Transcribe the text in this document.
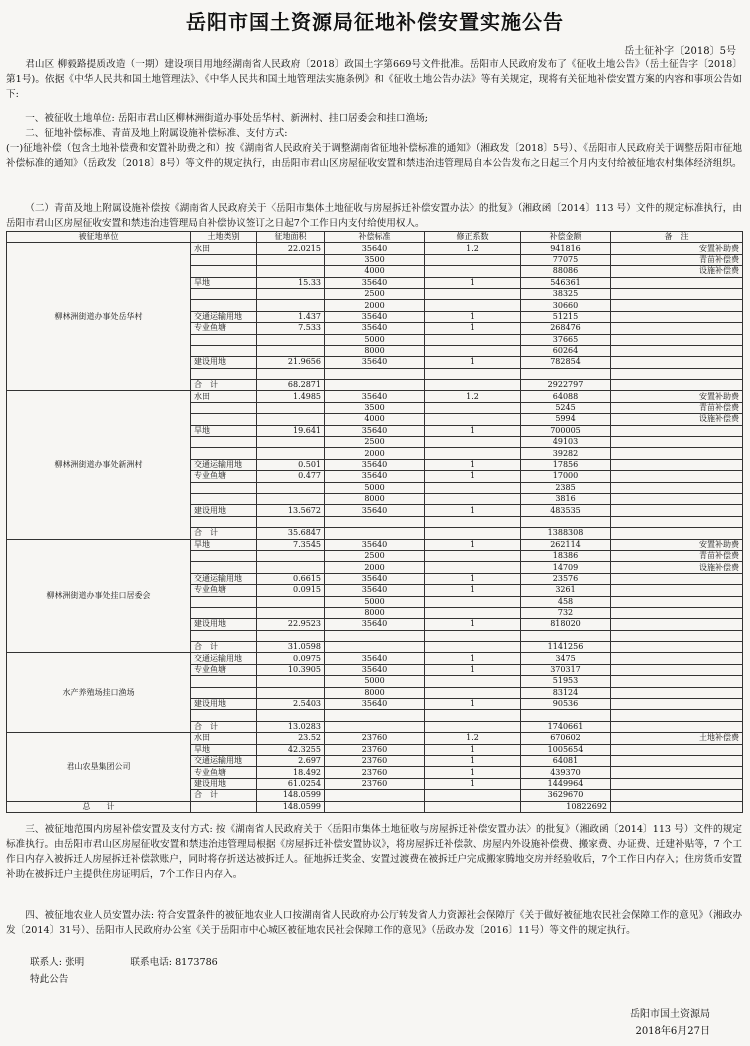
岳阳市国土资源局征地补偿安置实施公告
岳土征补字〔2018〕5号

君山区 柳毅路提质改造（一期）建设项目用地经湖南省人民政府〔2018〕政国土字第669号文件批准。岳阳市人民政府发布了《征收土地公告》（岳土征告字〔2018〕第1号)。依据《中华人民共和国土地管理法》、《中华人民共和国土地管理法实施条例》和《征收土地公告办法》等有关规定，现将有关征地补偿安置方案的内容和事项公告如下:

一、被征收土地单位: 岳阳市君山区柳林洲街道办事处岳华村、新洲村、挂口居委会和挂口渔场;

二、征地补偿标准、青苗及地上附属设施补偿标准、支付方式:

(一)征地补偿（包含土地补偿费和安置补助费之和）按《湖南省人民政府关于调整湖南省征地补偿标准的通知》（湘政发〔2018〕5号）、《岳阳市人民政府关于调整岳阳市征地补偿标准的通知》（岳政发〔2018〕8号）等文件的规定执行，由岳阳市君山区房屋征收安置和禁违治违管理局自本公告发布之日起三个月内支付给被征地农村集体经济组织。

（二）青苗及地上附属设施补偿按《湖南省人民政府关于〈岳阳市集体土地征收与房屋拆迁补偿安置办法〉的批复》（湘政函〔2014〕113 号）文件的规定标准执行，由岳阳市君山区房屋征收安置和禁违治违管理局自补偿协议签订之日起7个工作日内支付给使用权人。

被征地单位	土地类别	征地面积	补偿标准	修正系数	补偿金额	备　注
柳林洲街道办事处岳华村	水田	22.0215	35640	1.2	941816	安置补助费
			3500		77075	青苗补偿费
			4000		88086	设施补偿费
	旱地	15.33	35640	1	546361	
			2500		38325	
			2000		30660	
	交通运输用地	1.437	35640	1	51215	
	专业鱼塘	7.533	35640	1	268476	
			5000		37665	
			8000		60264	
	建设用地	21.9656	35640	1	782854	

	合　计	68.2871			2922797	
柳林洲街道办事处新洲村	水田	1.4985	35640	1.2	64088	安置补助费
			3500		5245	青苗补偿费
			4000		5994	设施补偿费
	旱地	19.641	35640	1	700005	
			2500		49103	
			2000		39282	
	交通运输用地	0.501	35640	1	17856	
	专业鱼塘	0.477	35640	1	17000	
			5000		2385	
			8000		3816	
	建设用地	13.5672	35640	1	483535	

	合　计	35.6847			1388308	
柳林洲街道办事处挂口居委会	旱地	7.3545	35640	1	262114	安置补助费
			2500		18386	青苗补偿费
			2000		14709	设施补偿费
	交通运输用地	0.6615	35640	1	23576	
	专业鱼塘	0.0915	35640	1	3261	
			5000		458	
			8000		732	
	建设用地	22.9523	35640	1	818020	

	合　计	31.0598			1141256	
水产养殖场挂口渔场	交通运输用地	0.0975	35640	1	3475	
	专业鱼塘	10.3905	35640	1	370317	
			5000		51953	
			8000		83124	
	建设用地	2.5403	35640	1	90536	

	合　计	13.0283			1740661	
君山农垦集团公司	水田	23.52	23760	1.2	670602	土地补偿费
	旱地	42.3255	23760	1	1005654	
	交通运输用地	2.697	23760	1	64081	
	专业鱼塘	18.492	23760	1	439370	
	建设用地	61.0254	23760	1	1449964	
	合　计	148.0599			3629670	
总　　计		148.0599			10822692	

三、被征地范围内房屋补偿安置及支付方式: 按《湖南省人民政府关于〈岳阳市集体土地征收与房屋拆迁补偿安置办法〉的批复》（湘政函〔2014〕113 号）文件的规定标准执行。由岳阳市君山区房屋征收安置和禁违治违管理局根据《房屋拆迁补偿安置协议》，将房屋拆迁补偿款、房屋内外设施补偿费、搬家费、办证费、迁建补贴等，7 个工作日内存入被拆迁人房屋拆迁补偿款账户，同时将存折送达被拆迁人。征地拆迁奖金、安置过渡费在被拆迁户完成搬家腾地交房并经验收后，7个工作日内存入；住房货币安置补助在被拆迁户主提供住房证明后，7个工作日内存入。

四、被征地农业人员安置办法: 符合安置条件的被征地农业人口按湖南省人民政府办公厅转发省人力资源社会保障厅《关于做好被征地农民社会保障工作的意见》（湘政办发〔2014〕31号）、岳阳市人民政府办公室《关于岳阳市中心城区被征地农民社会保障工作的意见》（岳政办发〔2016〕11号）等文件的规定执行。

联系人: 张明	联系电话: 8173786
特此公告
岳阳市国土资源局
2018年6月27日
